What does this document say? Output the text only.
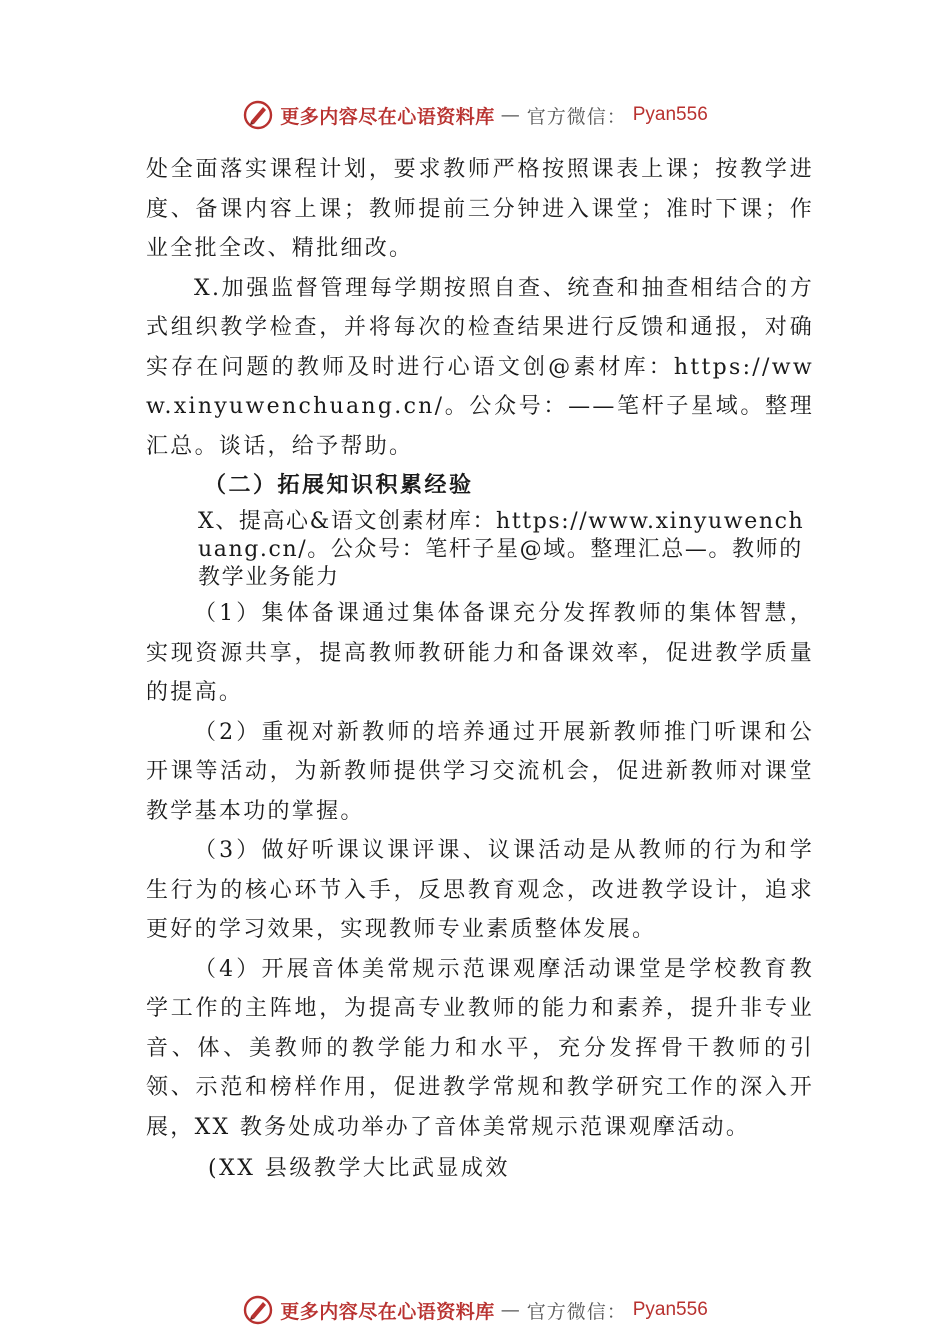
更多内容尽在心语资料库 — 官方微信： Pyan556

处全面落实课程计划，要求教师严格按照课表上课；按教学进度、备课内容上课；教师提前三分钟进入课堂；准时下课；作业全批全改、精批细改。

X.加强监督管理每学期按照自查、统查和抽查相结合的方式组织教学检查，并将每次的检查结果进行反馈和通报，对确实存在问题的教师及时进行心语文创@素材库：https://www.xinyuwenchuang.cn/。公众号：——笔杆子星域。整理汇总。谈话，给予帮助。

（二）拓展知识积累经验

X、提高心&语文创素材库：https://www.xinyuwenchuang.cn/。公众号：笔杆子星@域。整理汇总—。教师的教学业务能力

（1）集体备课通过集体备课充分发挥教师的集体智慧，实现资源共享，提高教师教研能力和备课效率，促进教学质量的提高。

（2）重视对新教师的培养通过开展新教师推门听课和公开课等活动，为新教师提供学习交流机会，促进新教师对课堂教学基本功的掌握。

（3）做好听课议课评课、议课活动是从教师的行为和学生行为的核心环节入手，反思教育观念，改进教学设计，追求更好的学习效果，实现教师专业素质整体发展。

（4）开展音体美常规示范课观摩活动课堂是学校教育教学工作的主阵地，为提高专业教师的能力和素养，提升非专业音、体、美教师的教学能力和水平，充分发挥骨干教师的引领、示范和榜样作用，促进教学常规和教学研究工作的深入开展，XX 教务处成功举办了音体美常规示范课观摩活动。

(XX 县级教学大比武显成效

更多内容尽在心语资料库 — 官方微信： Pyan556
